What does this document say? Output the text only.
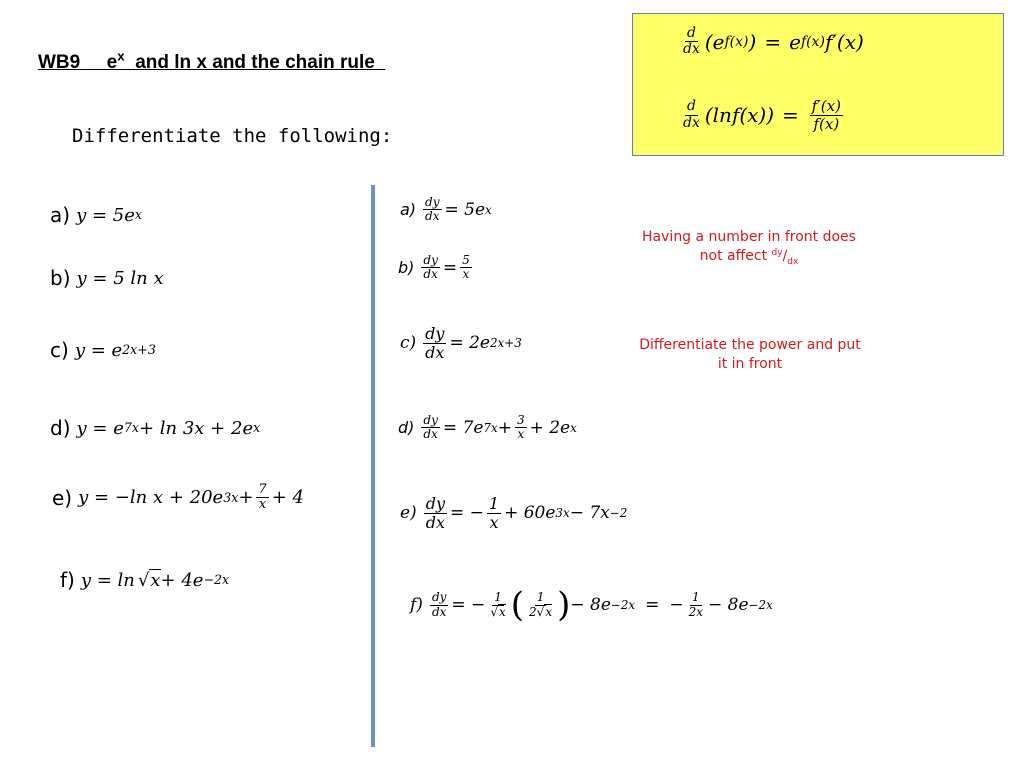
WB9 $e^x$ and ln x and the chain rule
Differentiate the following:
$\frac{d}{dx} (e$ f(x) ) = e f(x) f′(x)
$\frac{d}{dx} (\ln f(x)) = \frac{f'(x)}{f(x)}$
a) y = 5e x
b) y = 5 ln x
c) y = e 2x+3
d) y = e 7x + ln 3x + 2e x
e) y = −ln x + 20e $3x + \frac{7}{x} + 4$
f) y = ln √ x + 4e −2x
$a) \frac{dy}{dx} = 5e$ x
$b) \frac{dy}{dx} = \frac{5}{x}$
$c) \frac{dy}{dx} = 2e$ 2x+3
$d) \frac{dy}{dx} = 7e$ $7x + \frac{3}{x} + 2e$ x
$e) \frac{dy}{dx}$ = − $\frac{1}{x} + 60e$ 3x − 7x −2
$f) \frac{dy}{dx}$ = − $\frac{1}{√x}$ ( $\frac{1}{2√x}$ ) − 8e −2x = − $\frac{1}{2x} - 8e -2x$
Having a number in front does
not affect $^{dy}/_{dx}$
Differentiate the power and put
it in front
